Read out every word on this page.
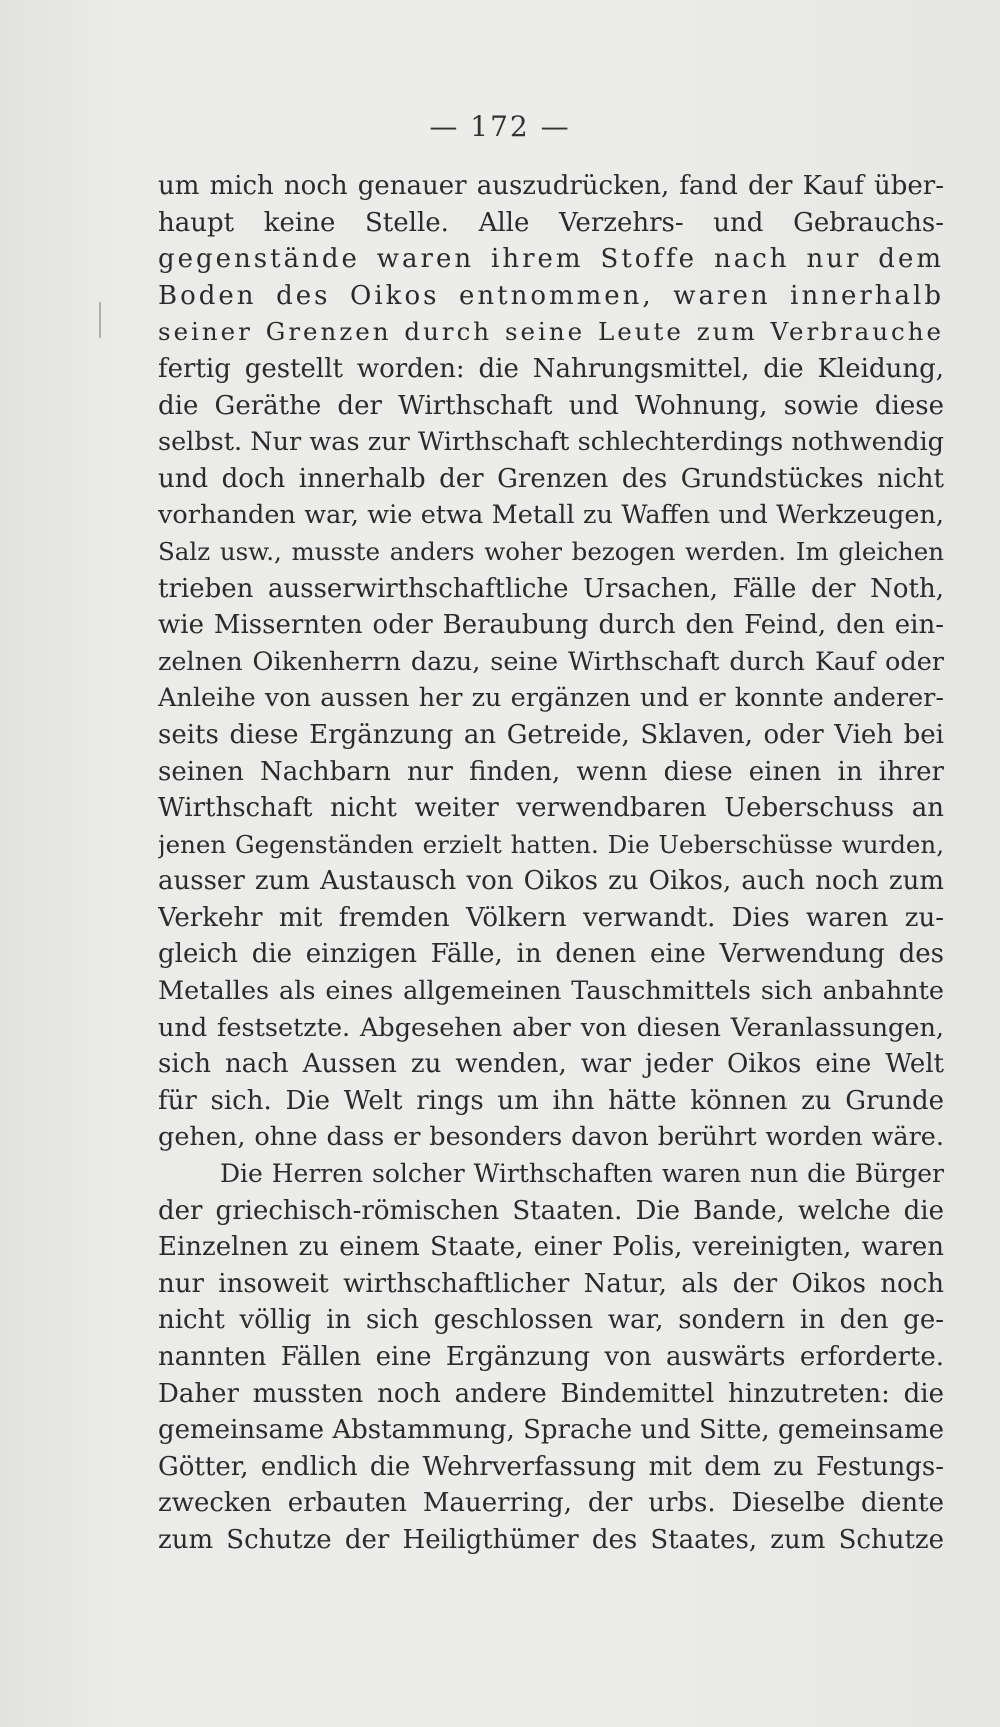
— 172 —
um mich noch genauer auszudrücken, fand der Kauf über-
haupt keine Stelle. Alle Verzehrs- und Gebrauchs-
gegenstände waren ihrem Stoffe nach nur dem
Boden des Oikos entnommen, waren innerhalb
seiner Grenzen durch seine Leute zum Verbrauche
fertig gestellt worden: die Nahrungsmittel, die Kleidung,
die Geräthe der Wirthschaft und Wohnung, sowie diese
selbst. Nur was zur Wirthschaft schlechterdings nothwendig
und doch innerhalb der Grenzen des Grundstückes nicht
vorhanden war, wie etwa Metall zu Waffen und Werkzeugen,
Salz usw., musste anders woher bezogen werden. Im gleichen
trieben ausserwirthschaftliche Ursachen, Fälle der Noth,
wie Missernten oder Beraubung durch den Feind, den ein-
zelnen Oikenherrn dazu, seine Wirthschaft durch Kauf oder
Anleihe von aussen her zu ergänzen und er konnte anderer-
seits diese Ergänzung an Getreide, Sklaven, oder Vieh bei
seinen Nachbarn nur finden, wenn diese einen in ihrer
Wirthschaft nicht weiter verwendbaren Ueberschuss an
jenen Gegenständen erzielt hatten. Die Ueberschüsse wurden,
ausser zum Austausch von Oikos zu Oikos, auch noch zum
Verkehr mit fremden Völkern verwandt. Dies waren zu-
gleich die einzigen Fälle, in denen eine Verwendung des
Metalles als eines allgemeinen Tauschmittels sich anbahnte
und festsetzte. Abgesehen aber von diesen Veranlassungen,
sich nach Aussen zu wenden, war jeder Oikos eine Welt
für sich. Die Welt rings um ihn hätte können zu Grunde
gehen, ohne dass er besonders davon berührt worden wäre.
Die Herren solcher Wirthschaften waren nun die Bürger
der griechisch-römischen Staaten. Die Bande, welche die
Einzelnen zu einem Staate, einer Polis, vereinigten, waren
nur insoweit wirthschaftlicher Natur, als der Oikos noch
nicht völlig in sich geschlossen war, sondern in den ge-
nannten Fällen eine Ergänzung von auswärts erforderte.
Daher mussten noch andere Bindemittel hinzutreten: die
gemeinsame Abstammung, Sprache und Sitte, gemeinsame
Götter, endlich die Wehrverfassung mit dem zu Festungs-
zwecken erbauten Mauerring, der urbs. Dieselbe diente
zum Schutze der Heiligthümer des Staates, zum Schutze
